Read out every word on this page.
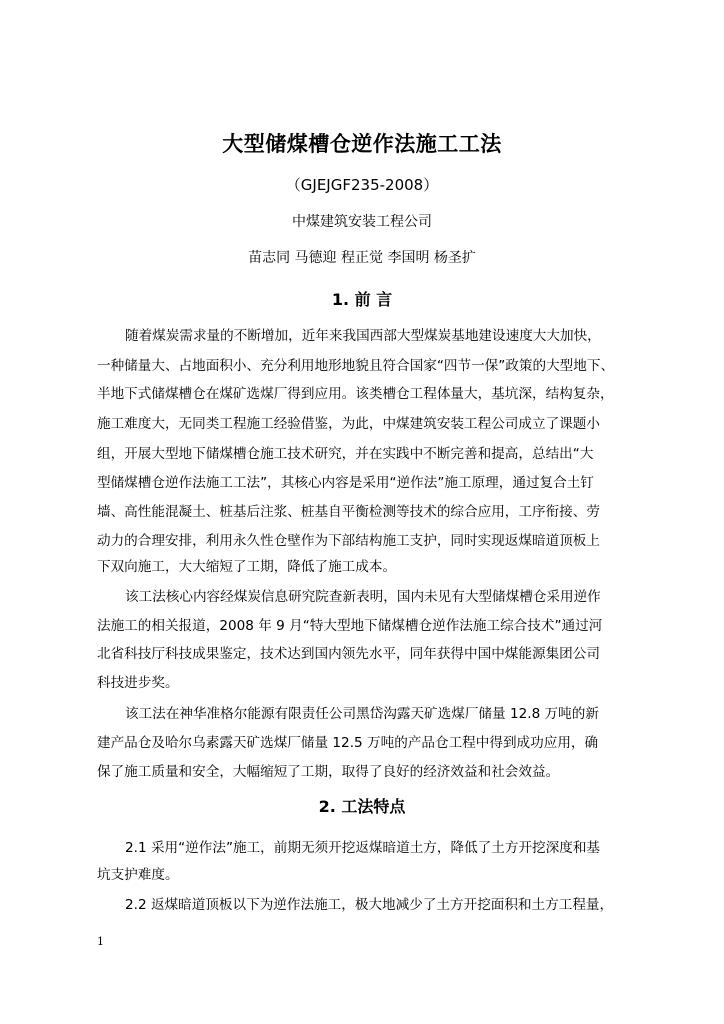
大型储煤槽仓逆作法施工工法
（GJEJGF235-2008）
中煤建筑安装工程公司
苗志同 马德迎 程正觉 李国明 杨圣扩
1. 前 言
随着煤炭需求量的不断增加，近年来我国西部大型煤炭基地建设速度大大加快，
一种储量大、占地面积小、充分利用地形地貌且符合国家“四节一保”政策的大型地下、
半地下式储煤槽仓在煤矿选煤厂得到应用。该类槽仓工程体量大，基坑深，结构复杂，
施工难度大，无同类工程施工经验借鉴，为此，中煤建筑安装工程公司成立了课题小
组，开展大型地下储煤槽仓施工技术研究，并在实践中不断完善和提高，总结出“大
型储煤槽仓逆作法施工工法”，其核心内容是采用“逆作法”施工原理，通过复合土钉
墙、高性能混凝土、桩基后注浆、桩基自平衡检测等技术的综合应用，工序衔接、劳
动力的合理安排，利用永久性仓壁作为下部结构施工支护，同时实现返煤暗道顶板上
下双向施工，大大缩短了工期，降低了施工成本。
该工法核心内容经煤炭信息研究院查新表明，国内未见有大型储煤槽仓采用逆作
法施工的相关报道，2008 年 9 月“特大型地下储煤槽仓逆作法施工综合技术”通过河
北省科技厅科技成果鉴定，技术达到国内领先水平，同年获得中国中煤能源集团公司
科技进步奖。
该工法在神华准格尔能源有限责任公司黑岱沟露天矿选煤厂储量 12.8 万吨的新
建产品仓及哈尔乌素露天矿选煤厂储量 12.5 万吨的产品仓工程中得到成功应用，确
保了施工质量和安全，大幅缩短了工期，取得了良好的经济效益和社会效益。
2. 工法特点
2.1 采用“逆作法”施工，前期无须开挖返煤暗道土方，降低了土方开挖深度和基
坑支护难度。
2.2 返煤暗道顶板以下为逆作法施工，极大地减少了土方开挖面积和土方工程量，
1
